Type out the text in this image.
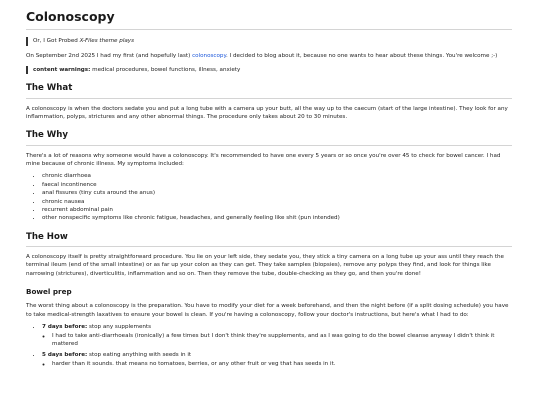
Colonoscopy
Or, I Got Probed X-Files theme plays

On September 2nd 2025 I had my first (and hopefully last) colonoscopy. I decided to blog about it, because no one wants to hear about these things. You're welcome ;-)

content warnings: medical procedures, bowel functions, illness, anxiety
The What

A colonoscopy is when the doctors sedate you and put a long tube with a camera up your butt, all the way up to the caecum (start of the large intestine). They look for any inflammation, polyps, strictures and any other abnormal things. The procedure only takes about 20 to 30 minutes.

The Why

There's a lot of reasons why someone would have a colonoscopy. It's recommended to have one every 5 years or so once you're over 45 to check for bowel cancer. I had mine because of chronic illness. My symptoms included:

• chronic diarrhoea
• faecal incontinence
• anal fissures (tiny cuts around the anus)
• chronic nausea
• recurrent abdominal pain
• other nonspecific symptoms like chronic fatigue, headaches, and generally feeling like shit (pun intended)
The How

A colonoscopy itself is pretty straightforward procedure. You lie on your left side, they sedate you, they stick a tiny camera on a long tube up your ass until they reach the terminal ileum (end of the small intestine) or as far up your colon as they can get. They take samples (biopsies), remove any polyps they find, and look for things like narrowing (strictures), diverticulitis, inflammation and so on. Then they remove the tube, double-checking as they go, and then you're done!

Bowel prep

The worst thing about a colonoscopy is the preparation. You have to modify your diet for a week beforehand, and then the night before (if a split dosing schedule) you have to take medical-strength laxatives to ensure your bowel is clean. If you're having a colonoscopy, follow your doctor's instructions, but here's what I had to do:

• 7 days before: stop any supplements
◦ I had to take anti-diarrhoeals (ironically) a few times but I don't think they're supplements, and as I was going to do the bowel cleanse anyway I didn't think it mattered
• 5 days before: stop eating anything with seeds in it
◦ harder than it sounds. that means no tomatoes, berries, or any other fruit or veg that has seeds in it.
